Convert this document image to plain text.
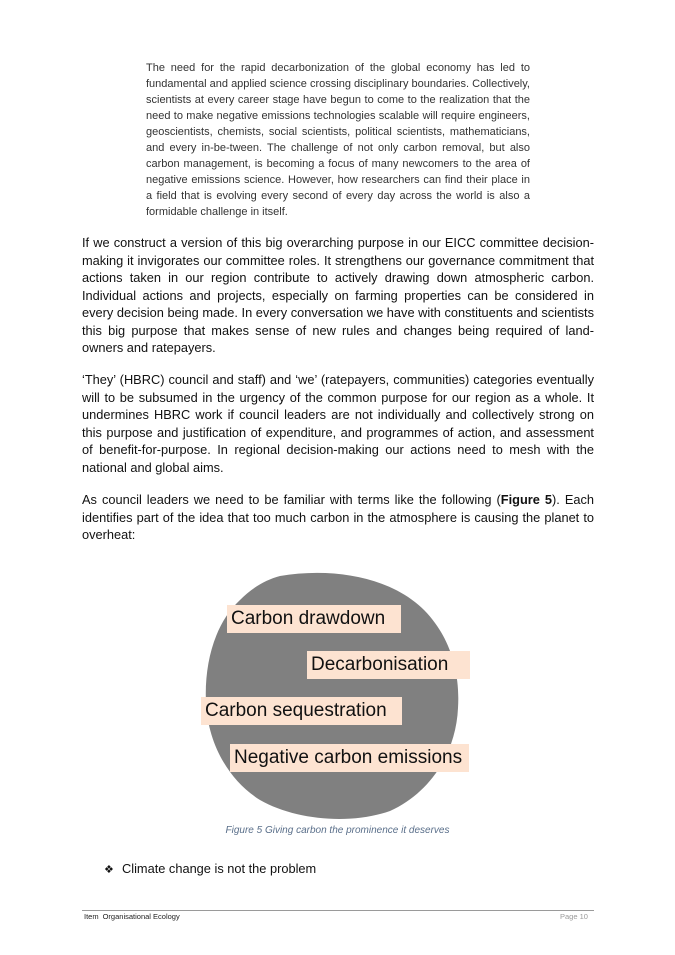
The need for the rapid decarbonization of the global economy has led to fundamental and applied science crossing disciplinary boundaries. Collectively, scientists at every career stage have begun to come to the realization that the need to make negative emissions technologies scalable will require engineers, geoscientists, chemists, social scientists, political scientists, mathematicians, and every in-be-tween. The challenge of not only carbon removal, but also carbon management, is becoming a focus of many newcomers to the area of negative emissions science. However, how researchers can find their place in a field that is evolving every second of every day across the world is also a formidable challenge in itself.

If we construct a version of this big overarching purpose in our EICC committee decision-making it invigorates our committee roles. It strengthens our governance commitment that actions taken in our region contribute to actively drawing down atmospheric carbon. Individual actions and projects, especially on farming properties can be considered in every decision being made. In every conversation we have with constituents and scientists this big purpose that makes sense of new rules and changes being required of land-owners and ratepayers.

‘They’ (HBRC) council and staff) and ‘we’ (ratepayers, communities) categories eventually will to be subsumed in the urgency of the common purpose for our region as a whole. It undermines HBRC work if council leaders are not individually and collectively strong on this purpose and justification of expenditure, and programmes of action, and assessment of benefit-for-purpose. In regional decision-making our actions need to mesh with the national and global aims.

As council leaders we need to be familiar with terms like the following (Figure 5). Each identifies part of the idea that too much carbon in the atmosphere is causing the planet to overheat:

Carbon drawdown
Decarbonisation
Carbon sequestration
Negative carbon emissions
Figure 5 Giving carbon the prominence it deserves
❖ Climate change is not the problem
Item Organisational Ecology	Page 10
